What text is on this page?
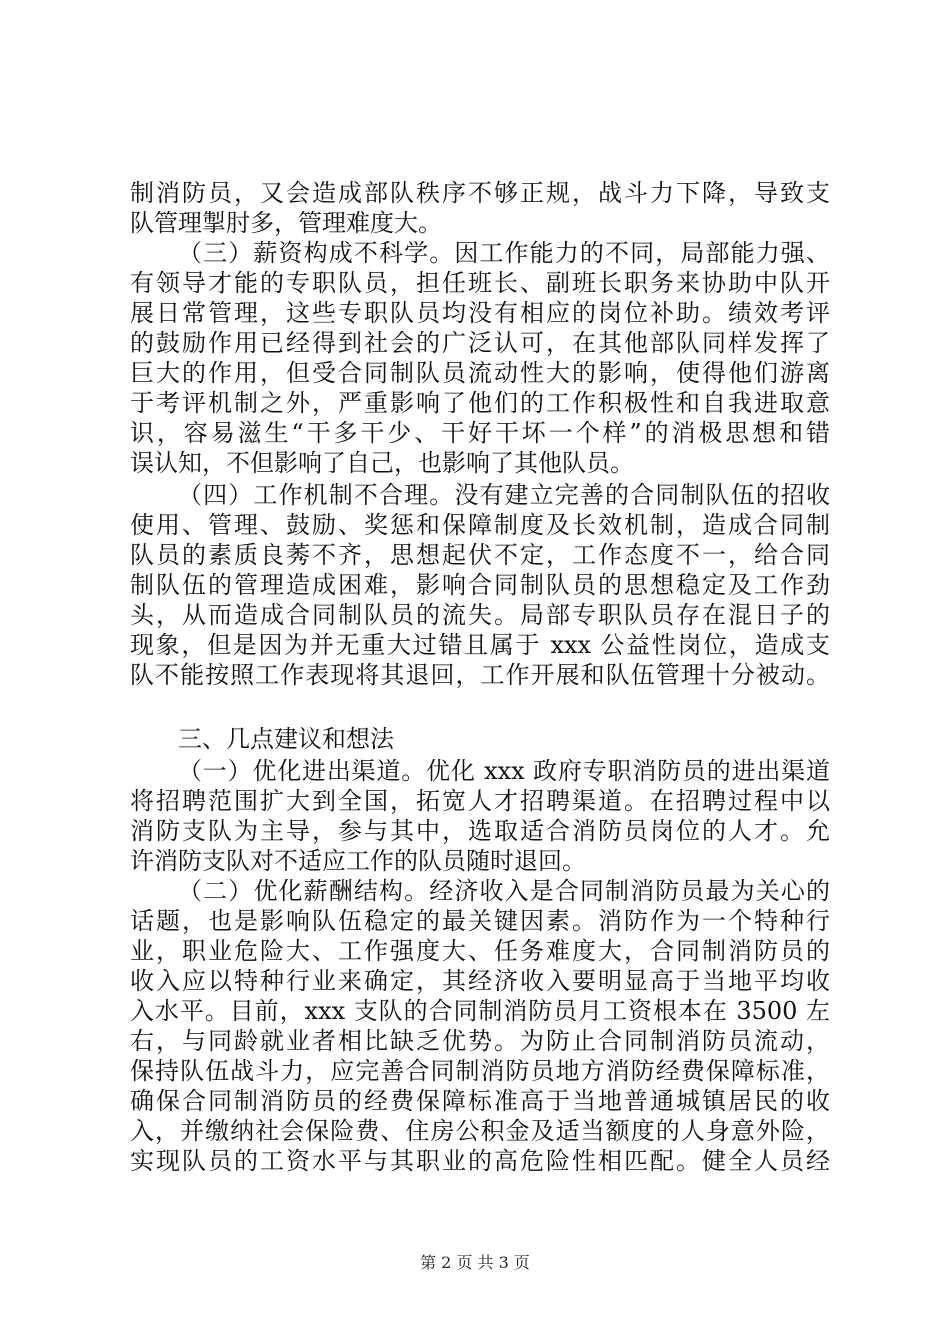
制消防员，又会造成部队秩序不够正规，战斗力下降，导致支
队管理掣肘多，管理难度大。
（三）薪资构成不科学。因工作能力的不同，局部能力强、
有领导才能的专职队员，担任班长、副班长职务来协助中队开
展日常管理，这些专职队员均没有相应的岗位补助。绩效考评
的鼓励作用已经得到社会的广泛认可，在其他部队同样发挥了
巨大的作用，但受合同制队员流动性大的影响，使得他们游离
于考评机制之外，严重影响了他们的工作积极性和自我进取意
识，容易滋生“干多干少、干好干坏一个样”的消极思想和错
误认知，不但影响了自己，也影响了其他队员。
（四）工作机制不合理。没有建立完善的合同制队伍的招收
使用、管理、鼓励、奖惩和保障制度及长效机制，造成合同制
队员的素质良莠不齐，思想起伏不定，工作态度不一，给合同
制队伍的管理造成困难，影响合同制队员的思想稳定及工作劲
头，从而造成合同制队员的流失。局部专职队员存在混日子的
现象，但是因为并无重大过错且属于 xxx 公益性岗位，造成支
队不能按照工作表现将其退回，工作开展和队伍管理十分被动。
三、几点建议和想法
（一）优化进出渠道。优化 xxx 政府专职消防员的进出渠道
将招聘范围扩大到全国，拓宽人才招聘渠道。在招聘过程中以
消防支队为主导，参与其中，选取适合消防员岗位的人才。允
许消防支队对不适应工作的队员随时退回。
（二）优化薪酬结构。经济收入是合同制消防员最为关心的
话题，也是影响队伍稳定的最关键因素。消防作为一个特种行
业，职业危险大、工作强度大、任务难度大，合同制消防员的
收入应以特种行业来确定，其经济收入要明显高于当地平均收
入水平。目前，xxx 支队的合同制消防员月工资根本在 3500 左
右，与同龄就业者相比缺乏优势。为防止合同制消防员流动，
保持队伍战斗力，应完善合同制消防员地方消防经费保障标准，
确保合同制消防员的经费保障标准高于当地普通城镇居民的收
入，并缴纳社会保险费、住房公积金及适当额度的人身意外险，
实现队员的工资水平与其职业的高危险性相匹配。健全人员经
第 2 页 共 3 页
